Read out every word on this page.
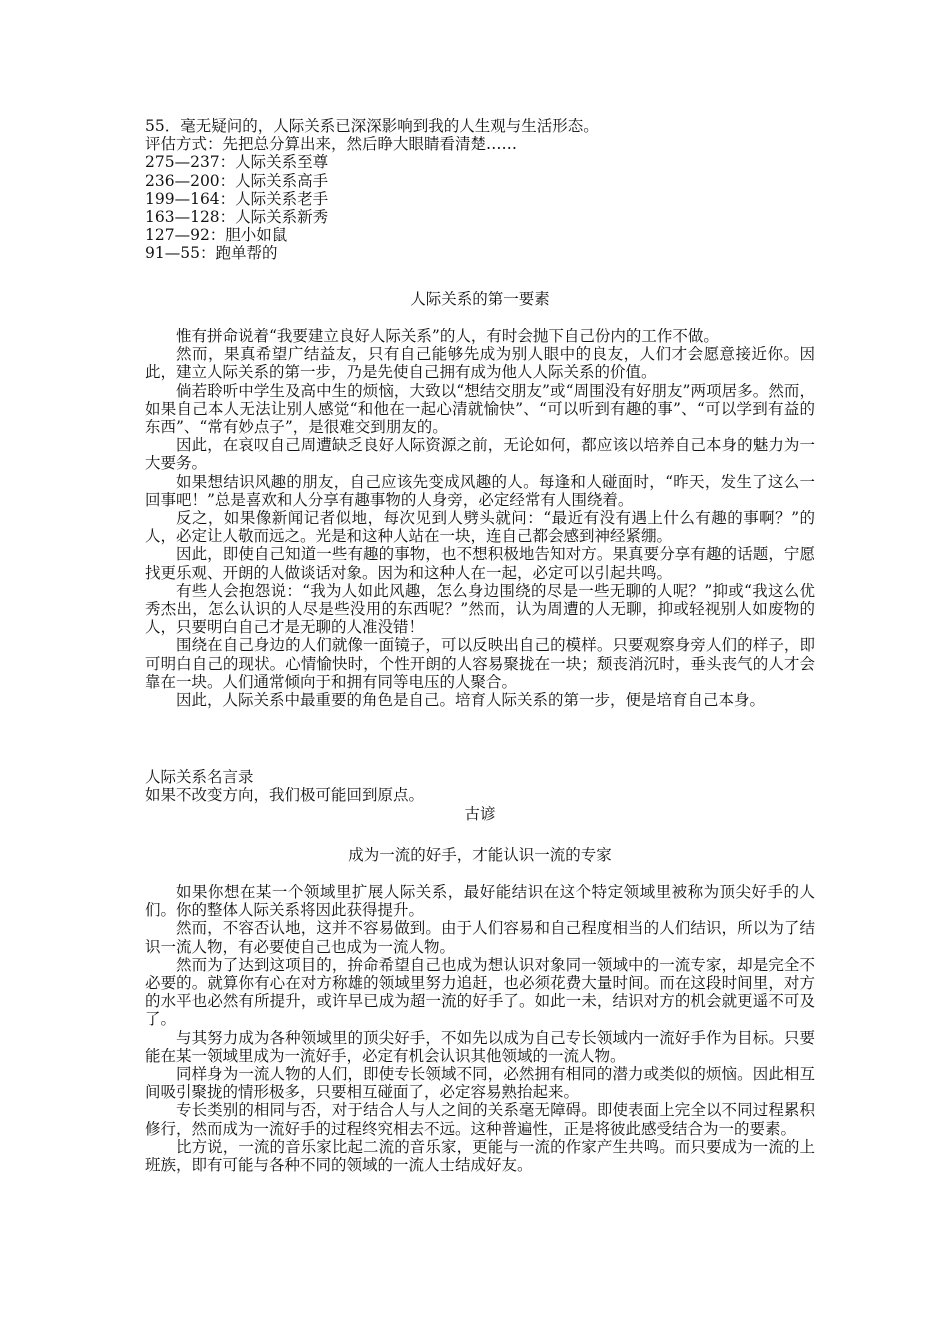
55．毫无疑问的，人际关系已深深影响到我的人生观与生活形态。
评估方式：先把总分算出来，然后睁大眼睛看清楚……
275—237：人际关系至尊
236—200：人际关系高手
199—164：人际关系老手
163—128：人际关系新秀
127—92：胆小如鼠
91—55：跑单帮的
人际关系的第一要素

惟有拼命说着“我要建立良好人际关系”的人，有时会抛下自己份内的工作不做。

然而，果真希望广结益友，只有自己能够先成为别人眼中的良友，人们才会愿意接近你。因此，建立人际关系的第一步，乃是先使自己拥有成为他人人际关系的价值。

倘若聆听中学生及高中生的烦恼，大致以“想结交朋友”或“周围没有好朋友”两项居多。然而，如果自己本人无法让别人感觉“和他在一起心清就愉快”、“可以听到有趣的事”、“可以学到有益的东西”、“常有妙点子”，是很难交到朋友的。

因此，在哀叹自己周遭缺乏良好人际资源之前，无论如何，都应该以培养自己本身的魅力为一大要务。

如果想结识风趣的朋友，自己应该先变成风趣的人。每逢和人碰面时，“昨天，发生了这么一回事吧！”总是喜欢和人分享有趣事物的人身旁，必定经常有人围绕着。

反之，如果像新闻记者似地，每次见到人劈头就问：“最近有没有遇上什么有趣的事啊？”的人，必定让人敬而远之。光是和这种人站在一块，连自己都会感到神经紧绷。

因此，即使自己知道一些有趣的事物，也不想积极地告知对方。果真要分享有趣的话题，宁愿找更乐观、开朗的人做谈话对象。因为和这种人在一起，必定可以引起共鸣。

有些人会抱怨说：“我为人如此风趣，怎么身边围绕的尽是一些无聊的人呢？”抑或“我这么优秀杰出，怎么认识的人尽是些没用的东西呢？”然而，认为周遭的人无聊，抑或轻视别人如废物的人，只要明白自己才是无聊的人准没错！

围绕在自己身边的人们就像一面镜子，可以反映出自己的模样。只要观察身旁人们的样子，即可明白自己的现状。心情愉快时，个性开朗的人容易聚拢在一块；颓丧消沉时，垂头丧气的人才会靠在一块。人们通常倾向于和拥有同等电压的人聚合。

因此，人际关系中最重要的角色是自己。培育人际关系的第一步，便是培育自己本身。

人际关系名言录

如果不改变方向，我们极可能回到原点。

古谚
成为一流的好手，才能认识一流的专家

如果你想在某一个领域里扩展人际关系，最好能结识在这个特定领域里被称为顶尖好手的人们。你的整体人际关系将因此获得提升。

然而，不容否认地，这并不容易做到。由于人们容易和自己程度相当的人们结识，所以为了结识一流人物，有必要使自己也成为一流人物。

然而为了达到这项目的，拚命希望自己也成为想认识对象同一领域中的一流专家，却是完全不必要的。就算你有心在对方称雄的领域里努力追赶，也必须花费大量时间。而在这段时间里，对方的水平也必然有所提升，或许早已成为超一流的好手了。如此一未，结识对方的机会就更遥不可及了。

与其努力成为各种领域里的顶尖好手，不如先以成为自己专长领域内一流好手作为目标。只要能在某一领域里成为一流好手，必定有机会认识其他领域的一流人物。

同样身为一流人物的人们，即使专长领域不同，必然拥有相同的潜力或类似的烦恼。因此相互间吸引聚拢的情形极多，只要相互碰面了，必定容易熟抬起来。

专长类别的相同与否，对于结合人与人之间的关系毫无障碍。即使表面上完全以不同过程累积修行，然而成为一流好手的过程终究相去不远。这种普遍性，正是将彼此感受结合为一的要素。

比方说，一流的音乐家比起二流的音乐家，更能与一流的作家产生共鸣。而只要成为一流的上班族，即有可能与各种不同的领域的一流人士结成好友。
